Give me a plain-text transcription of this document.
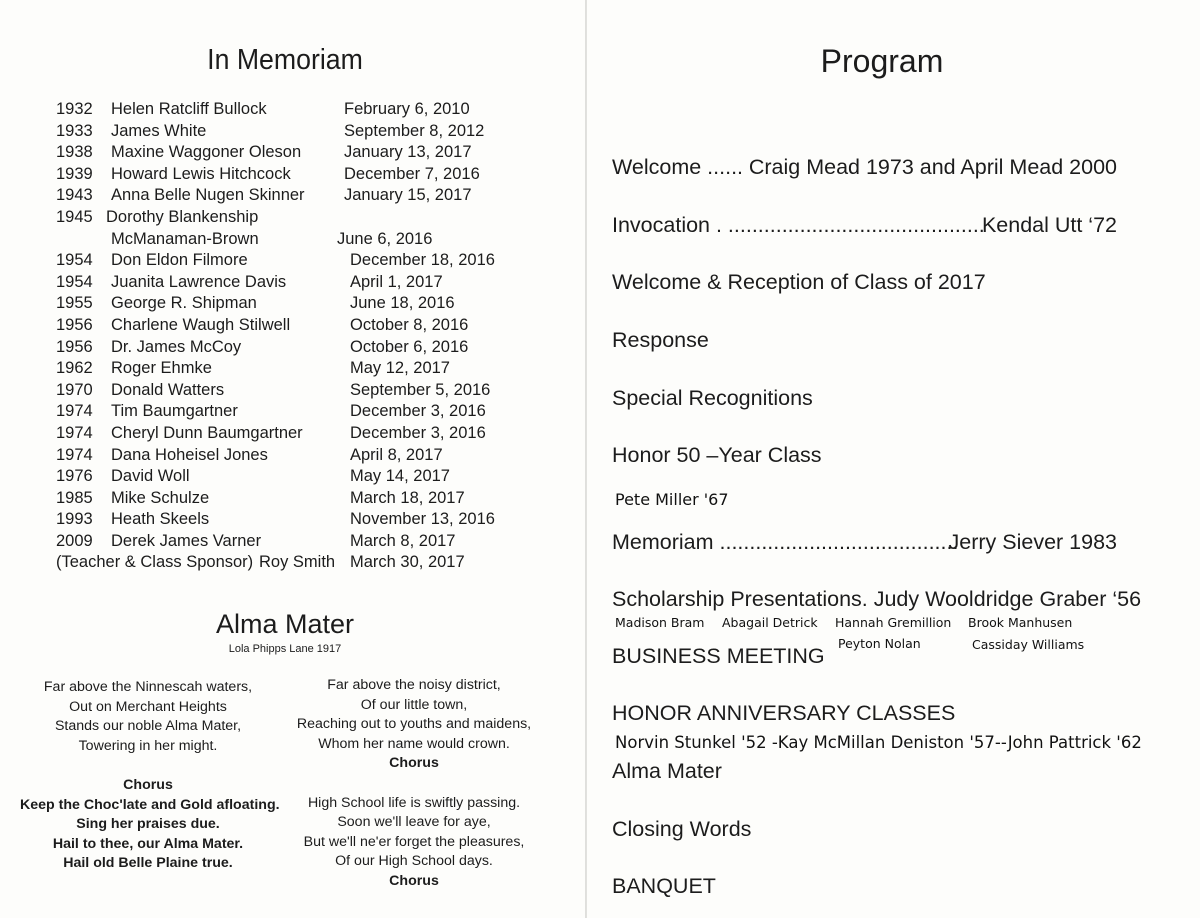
In Memoriam
1932 Helen Ratcliff Bullock	February 6, 2010
1933 James White	September 8, 2012
1938 Maxine Waggoner Oleson	January 13, 2017
1939 Howard Lewis Hitchcock	December 7, 2016
1943 Anna Belle Nugen Skinner January 15, 2017
1945 Dorothy Blankenship
McManaman-Brown	June 6, 2016
1954 Don Eldon Filmore	December 18, 2016
1954 Juanita Lawrence Davis	April 1, 2017
1955 George R. Shipman	June 18, 2016
1956 Charlene Waugh Stilwell	October 8, 2016
1956 Dr. James McCoy	October 6, 2016
1962 Roger Ehmke	May 12, 2017
1970 Donald Watters	September 5, 2016
1974 Tim Baumgartner	December 3, 2016
1974 Cheryl Dunn Baumgartner	December 3, 2016
1974 Dana Hoheisel Jones	April 8, 2017
1976 David Woll	May 14, 2017
1985 Mike Schulze	March 18, 2017
1993 Heath Skeels	November 13, 2016
2009 Derek James Varner	March 8, 2017
(Teacher & Class Sponsor) Roy Smith March 30, 2017
Alma Mater
Lola Phipps Lane 1917
Far above the Ninnescah waters,
Out on Merchant Heights
Stands our noble Alma Mater,
Towering in her might.
Chorus
Keep the Choc'late and Gold afloating.
Sing her praises due.
Hail to thee, our Alma Mater.
Hail old Belle Plaine true.
Far above the noisy district,
Of our little town,
Reaching out to youths and maidens,
Whom her name would crown.
Chorus
High School life is swiftly passing.
Soon we'll leave for aye,
But we'll ne'er forget the pleasures,
Of our High School days.
Chorus
Program
Welcome ...... Craig Mead 1973 and April Mead 2000
Invocation . ...........................................
Kendal Utt ‘72
Welcome & Reception of Class of 2017
Response
Special Recognitions
Honor 50 –Year Class
Pete Miller '67
Memoriam ........................................
Jerry Siever 1983
Scholarship Presentations. Judy Wooldridge Graber ‘56
Madison Bram Abagail Detrick Hannah Gremillion Brook Manhusen
Peyton Nolan	Cassiday Williams
BUSINESS MEETING
HONOR ANNIVERSARY CLASSES
Norvin Stunkel '52 -Kay McMillan Deniston '57--John Pattrick '62
Alma Mater
Closing Words
BANQUET
